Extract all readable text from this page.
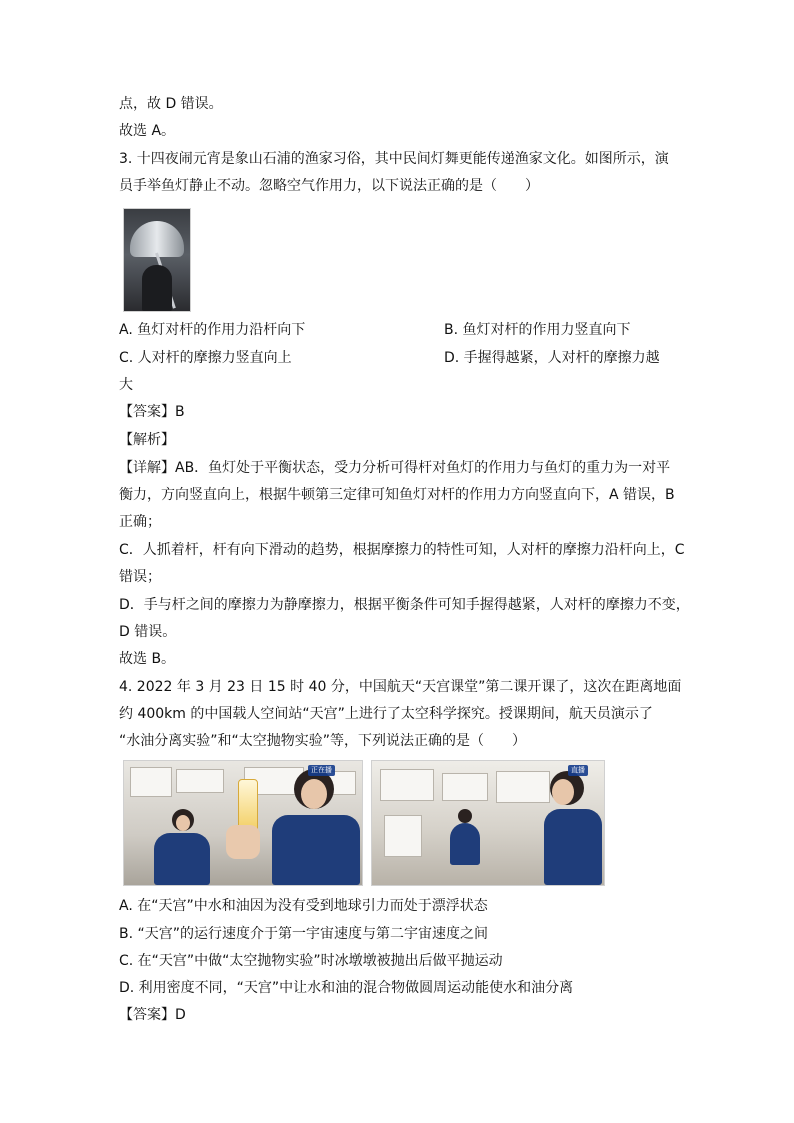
点，故 D 错误。
故选 A。
3. 十四夜闹元宵是象山石浦的渔家习俗，其中民间灯舞更能传递渔家文化。如图所示，演
员手举鱼灯静止不动。忽略空气作用力，以下说法正确的是（　　）
A. 鱼灯对杆的作用力沿杆向下	B. 鱼灯对杆的作用力竖直向下
C. 人对杆的摩擦力竖直向上	D. 手握得越紧，人对杆的摩擦力越
大
【答案】B
【解析】
【详解】AB．鱼灯处于平衡状态，受力分析可得杆对鱼灯的作用力与鱼灯的重力为一对平
衡力，方向竖直向上，根据牛顿第三定律可知鱼灯对杆的作用力方向竖直向下，A 错误，B
正确；
C．人抓着杆，杆有向下滑动的趋势，根据摩擦力的特性可知，人对杆的摩擦力沿杆向上，C
错误；
D．手与杆之间的摩擦力为静摩擦力，根据平衡条件可知手握得越紧，人对杆的摩擦力不变，
D 错误。
故选 B。
4. 2022 年 3 月 23 日 15 时 40 分，中国航天“天宫课堂”第二课开课了，这次在距离地面
约 400km 的中国载人空间站“天宫”上进行了太空科学探究。授课期间，航天员演示了
“水油分离实验”和“太空抛物实验”等，下列说法正确的是（　　）
正在播	直播
A. 在“天宫”中水和油因为没有受到地球引力而处于漂浮状态
B. “天宫”的运行速度介于第一宇宙速度与第二宇宙速度之间
C. 在“天宫”中做“太空抛物实验”时冰墩墩被抛出后做平抛运动
D. 利用密度不同，“天宫”中让水和油的混合物做圆周运动能使水和油分离
【答案】D
